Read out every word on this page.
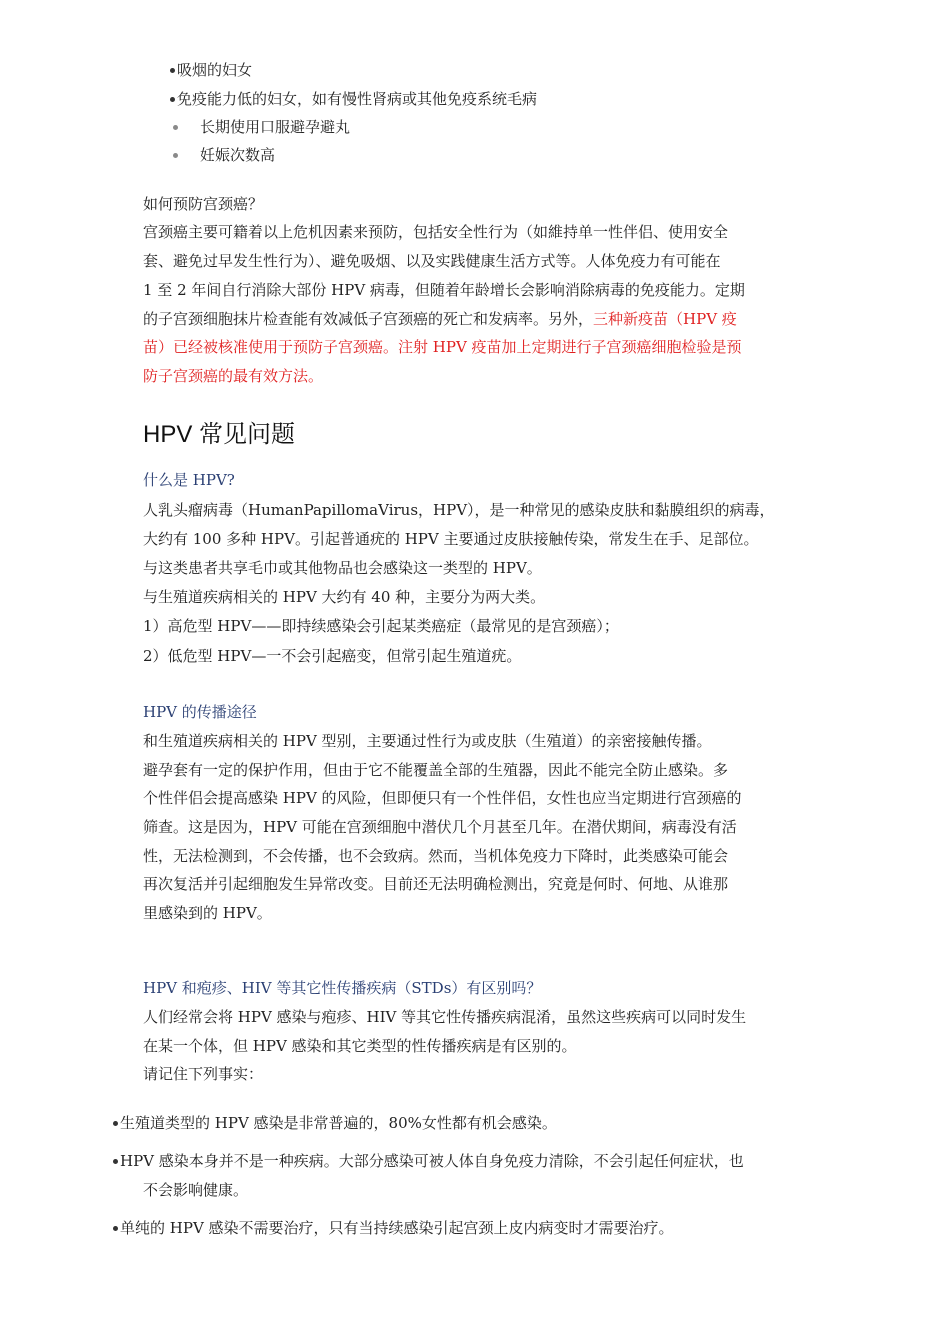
吸烟的妇女
免疫能力低的妇女，如有慢性肾病或其他免疫系统毛病
长期使用口服避孕避丸
妊娠次数高
如何预防宫颈癌？
宫颈癌主要可籍着以上危机因素来预防，包括安全性行为（如維持单一性伴侣、使用安全
套、避免过早发生性行为）、避免吸烟、以及实践健康生活方式等。人体免疫力有可能在
1 至 2 年间自行消除大部份 HPV 病毒，但随着年龄增长会影响消除病毒的免疫能力。定期
的子宫颈细胞抹片检查能有效减低子宫颈癌的死亡和发病率。另外，三种新疫苗（HPV 疫
苗）已经被核准使用于预防子宫颈癌。注射 HPV 疫苗加上定期进行子宫颈癌细胞检验是预
防子宫颈癌的最有效方法。
HPV 常见问题
什么是 HPV?
人乳头瘤病毒（HumanPapillomaVirus，HPV），是一种常见的感染皮肤和黏膜组织的病毒，
大约有 100 多种 HPV。引起普通疣的 HPV 主要通过皮肤接触传染，常发生在手、足部位。
与这类患者共享毛巾或其他物品也会感染这一类型的 HPV。
与生殖道疾病相关的 HPV 大约有 40 种，主要分为两大类。
1）高危型 HPV——即持续感染会引起某类癌症（最常见的是宫颈癌）；
2）低危型 HPV—一不会引起癌变，但常引起生殖道疣。
HPV 的传播途径
和生殖道疾病相关的 HPV 型别，主要通过性行为或皮肤（生殖道）的亲密接触传播。
避孕套有一定的保护作用，但由于它不能覆盖全部的生殖器，因此不能完全防止感染。多
个性伴侣会提高感染 HPV 的风险，但即便只有一个性伴侣，女性也应当定期进行宫颈癌的
筛查。这是因为，HPV 可能在宫颈细胞中潜伏几个月甚至几年。在潜伏期间，病毒没有活
性，无法检测到，不会传播，也不会致病。然而，当机体免疫力下降时，此类感染可能会
再次复活并引起细胞发生异常改变。目前还无法明确检测出，究竟是何时、何地、从谁那
里感染到的 HPV。
HPV 和疱疹、HIV 等其它性传播疾病（STDs）有区别吗？
人们经常会将 HPV 感染与疱疹、HIV 等其它性传播疾病混淆，虽然这些疾病可以同时发生
在某一个体，但 HPV 感染和其它类型的性传播疾病是有区别的。
请记住下列事实：
生殖道类型的 HPV 感染是非常普遍的，80%女性都有机会感染。
HPV 感染本身并不是一种疾病。大部分感染可被人体自身免疫力清除，不会引起任何症状，也
不会影响健康。
单纯的 HPV 感染不需要治疗，只有当持续感染引起宫颈上皮内病变时才需要治疗。
